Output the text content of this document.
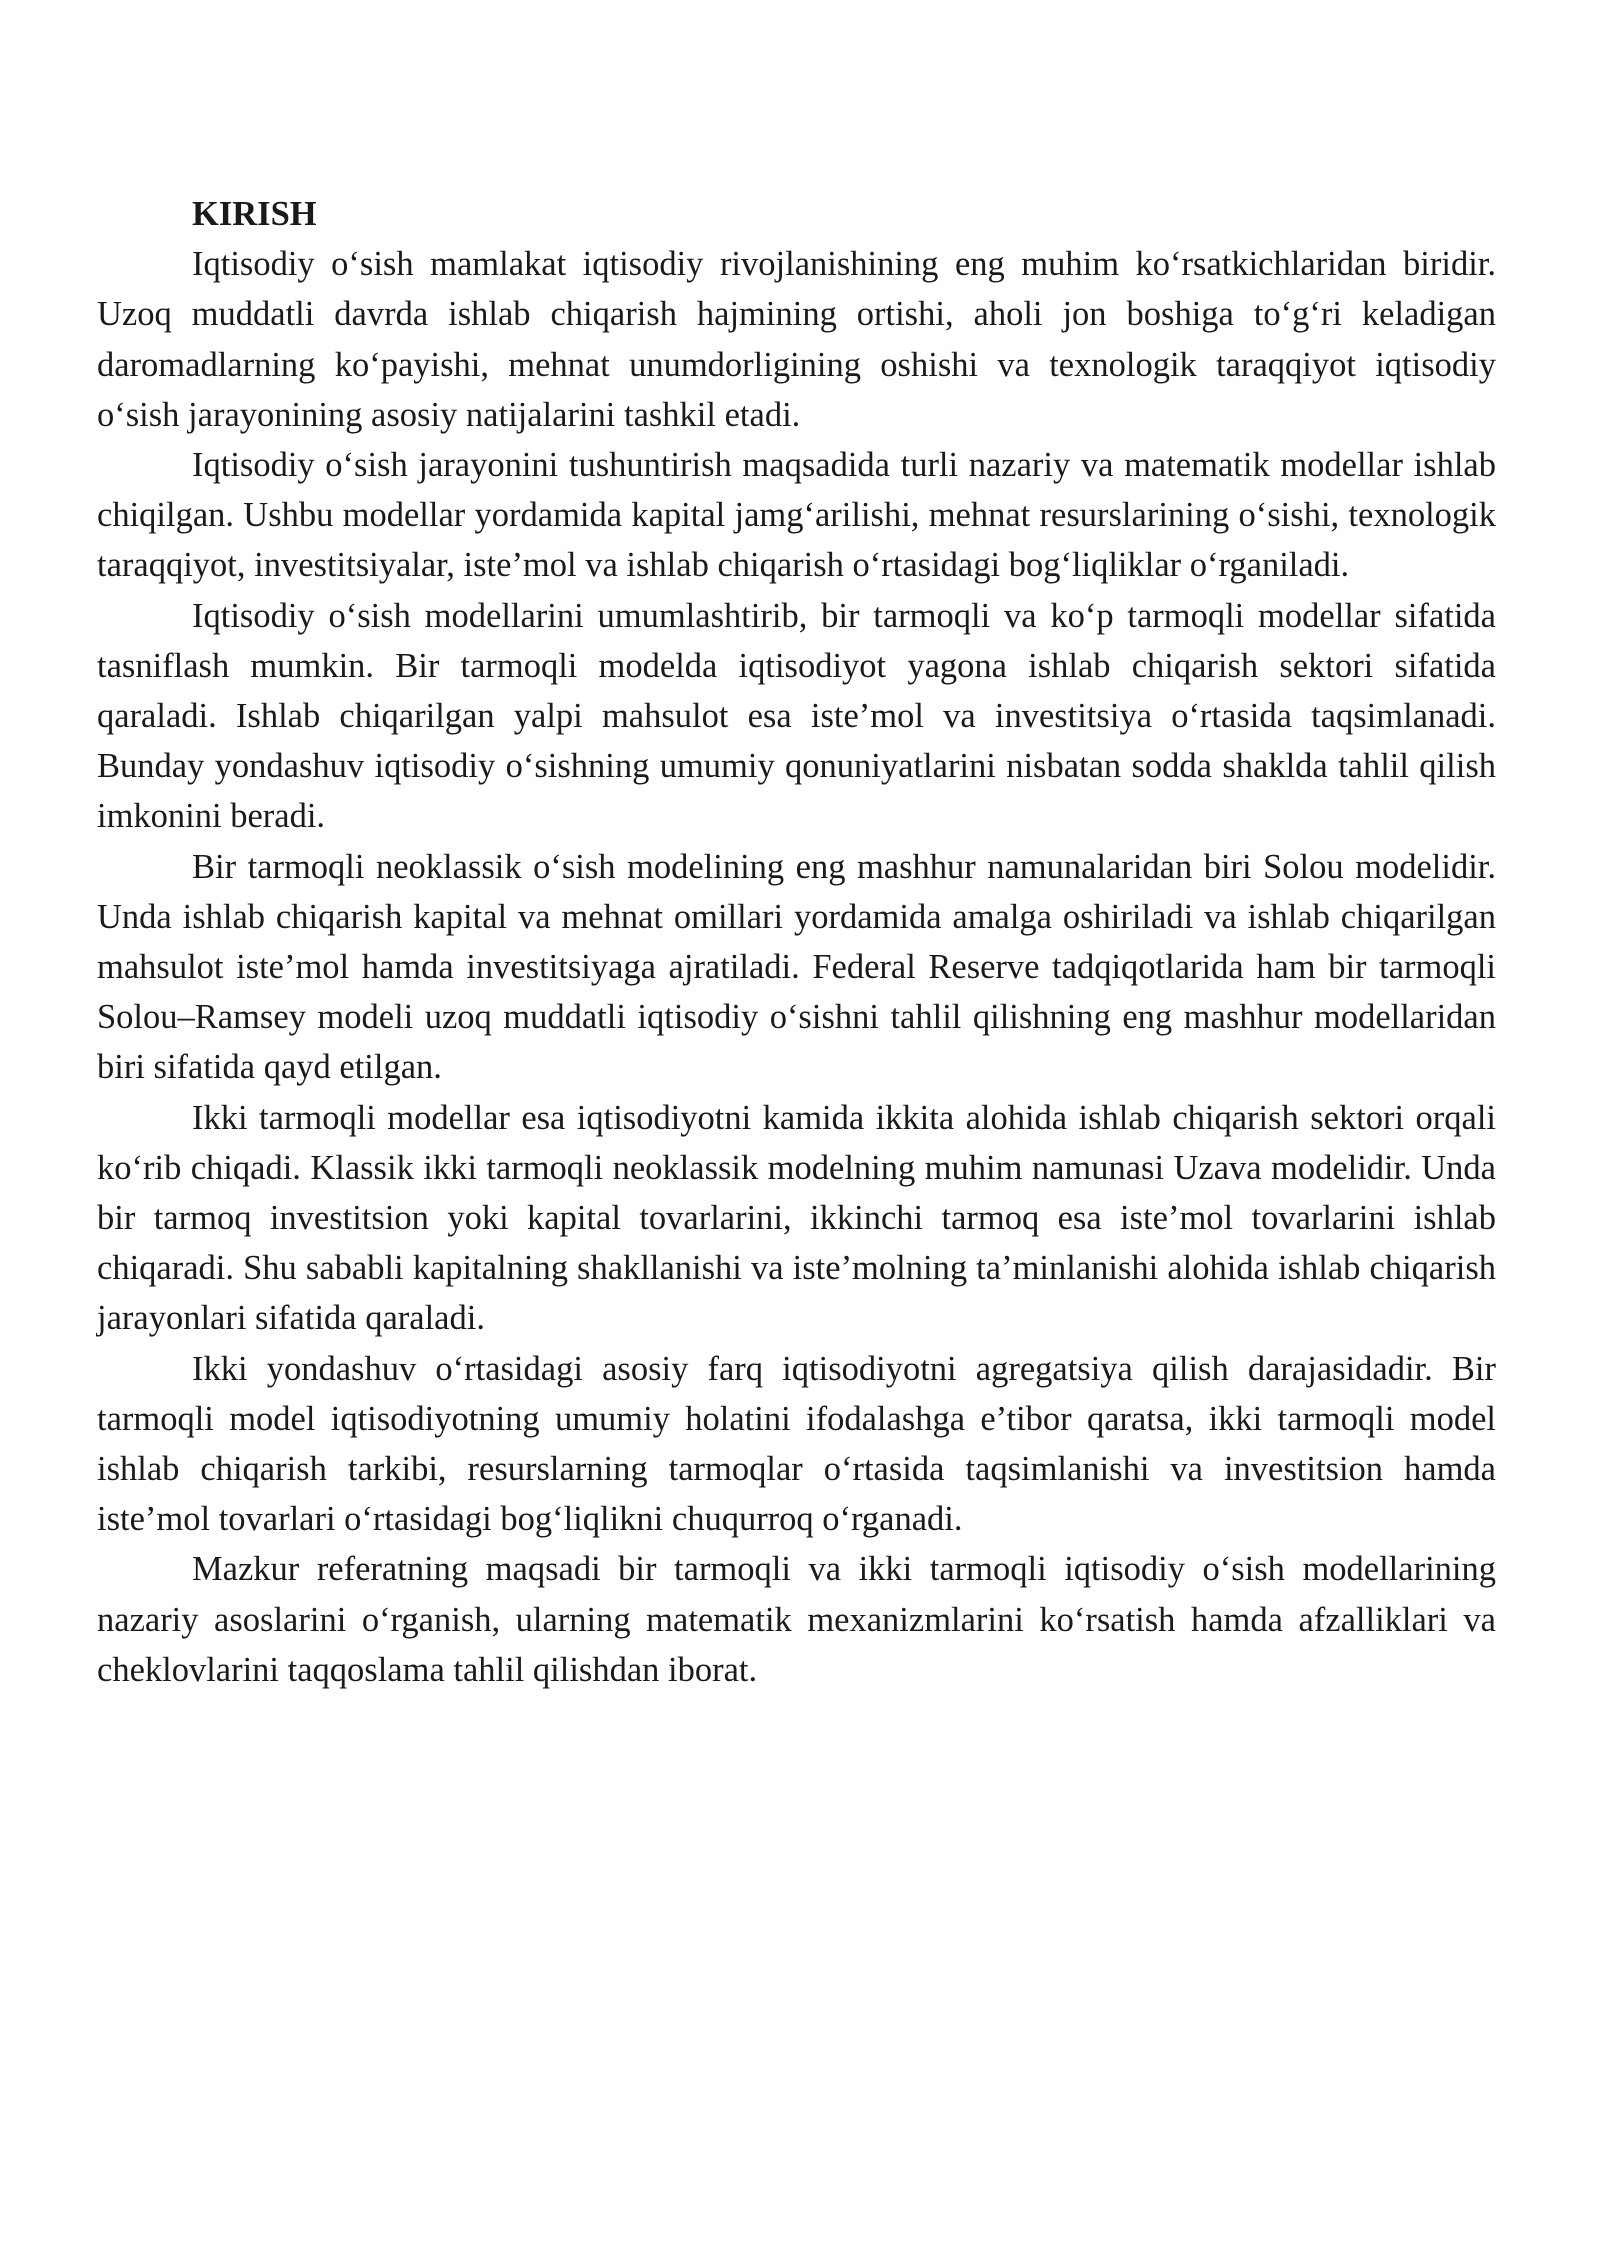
KIRISH

Iqtisodiy o‘sish mamlakat iqtisodiy rivojlanishining eng muhim ko‘rsatkichlaridan biridir. Uzoq muddatli davrda ishlab chiqarish hajmining ortishi, aholi jon boshiga to‘g‘ri keladigan daromadlarning ko‘payishi, mehnat unumdorligining oshishi va texnologik taraqqiyot iqtisodiy o‘sish jarayonining asosiy natijalarini tashkil etadi.

Iqtisodiy o‘sish jarayonini tushuntirish maqsadida turli nazariy va matematik modellar ishlab chiqilgan. Ushbu modellar yordamida kapital jamg‘arilishi, mehnat resurslarining o‘sishi, texnologik taraqqiyot, investitsiyalar, iste’mol va ishlab chiqarish o‘rtasidagi bog‘liqliklar o‘rganiladi.

Iqtisodiy o‘sish modellarini umumlashtirib, bir tarmoqli va ko‘p tarmoqli modellar sifatida tasniflash mumkin. Bir tarmoqli modelda iqtisodiyot yagona ishlab chiqarish sektori sifatida qaraladi. Ishlab chiqarilgan yalpi mahsulot esa iste’mol va investitsiya o‘rtasida taqsimlanadi. Bunday yondashuv iqtisodiy o‘sishning umumiy qonuniyatlarini nisbatan sodda shaklda tahlil qilish imkonini beradi.

Bir tarmoqli neoklassik o‘sish modelining eng mashhur namunalaridan biri Solou modelidir. Unda ishlab chiqarish kapital va mehnat omillari yordamida amalga oshiriladi va ishlab chiqarilgan mahsulot iste’mol hamda investitsiyaga ajratiladi. Federal Reserve tadqiqotlarida ham bir tarmoqli Solou–Ramsey modeli uzoq muddatli iqtisodiy o‘sishni tahlil qilishning eng mashhur modellaridan biri sifatida qayd etilgan.

Ikki tarmoqli modellar esa iqtisodiyotni kamida ikkita alohida ishlab chiqarish sektori orqali ko‘rib chiqadi. Klassik ikki tarmoqli neoklassik modelning muhim namunasi Uzava modelidir. Unda bir tarmoq investitsion yoki kapital tovarlarini, ikkinchi tarmoq esa iste’mol tovarlarini ishlab chiqaradi. Shu sababli kapitalning shakllanishi va iste’molning ta’minlanishi alohida ishlab chiqarish jarayonlari sifatida qaraladi.

Ikki yondashuv o‘rtasidagi asosiy farq iqtisodiyotni agregatsiya qilish darajasidadir. Bir tarmoqli model iqtisodiyotning umumiy holatini ifodalashga e’tibor qaratsa, ikki tarmoqli model ishlab chiqarish tarkibi, resurslarning tarmoqlar o‘rtasida taqsimlanishi va investitsion hamda iste’mol tovarlari o‘rtasidagi bog‘liqlikni chuqurroq o‘rganadi.

Mazkur referatning maqsadi bir tarmoqli va ikki tarmoqli iqtisodiy o‘sish modellarining nazariy asoslarini o‘rganish, ularning matematik mexanizmlarini ko‘rsatish hamda afzalliklari va cheklovlarini taqqoslama tahlil qilishdan iborat.
